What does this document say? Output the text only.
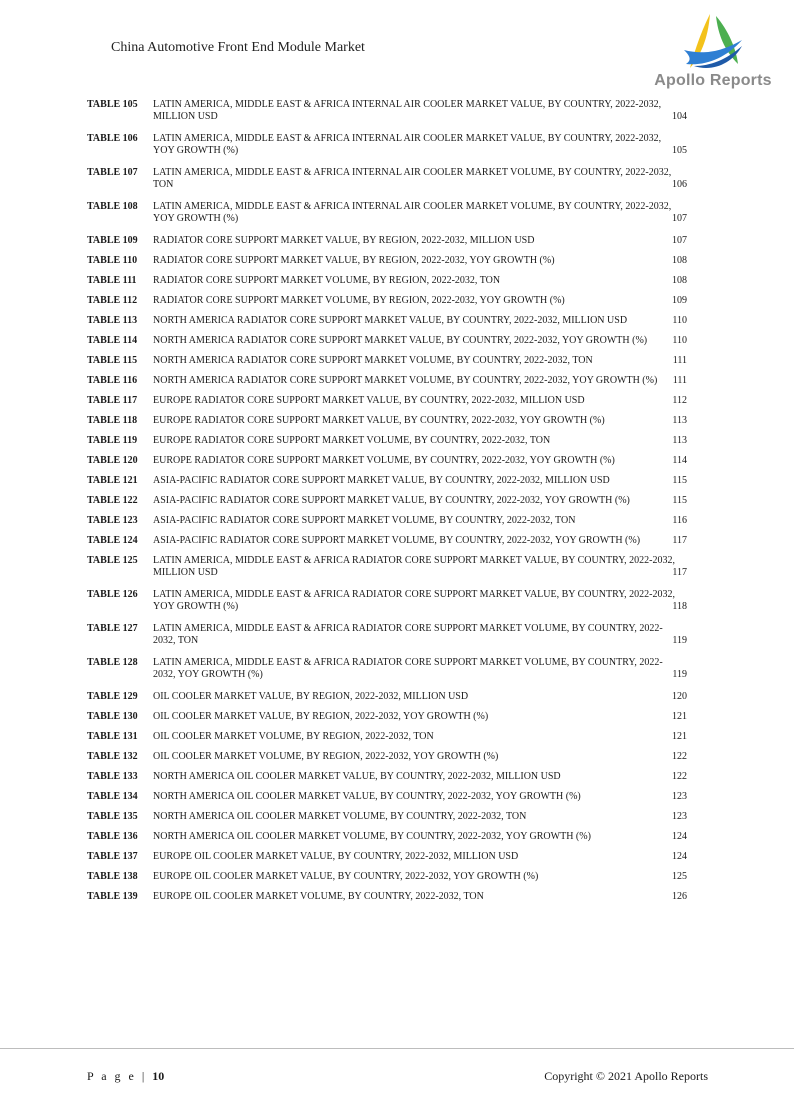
China Automotive Front End Module Market
Apollo Reports
TABLE 105 LATIN AMERICA, MIDDLE EAST & AFRICA INTERNAL AIR COOLER MARKET VALUE, BY COUNTRY, 2022-2032, MILLION USD	104
TABLE 106 LATIN AMERICA, MIDDLE EAST & AFRICA INTERNAL AIR COOLER MARKET VALUE, BY COUNTRY, 2022-2032, YOY GROWTH (%)	105
TABLE 107 LATIN AMERICA, MIDDLE EAST & AFRICA INTERNAL AIR COOLER MARKET VOLUME, BY COUNTRY, 2022-2032, TON	106
TABLE 108 LATIN AMERICA, MIDDLE EAST & AFRICA INTERNAL AIR COOLER MARKET VOLUME, BY COUNTRY, 2022-2032, YOY GROWTH (%)	107
TABLE 109 RADIATOR CORE SUPPORT MARKET VALUE, BY REGION, 2022-2032, MILLION USD	107
TABLE 110 RADIATOR CORE SUPPORT MARKET VALUE, BY REGION, 2022-2032, YOY GROWTH (%)	108
TABLE 111 RADIATOR CORE SUPPORT MARKET VOLUME, BY REGION, 2022-2032, TON	108
TABLE 112 RADIATOR CORE SUPPORT MARKET VOLUME, BY REGION, 2022-2032, YOY GROWTH (%)	109
TABLE 113 NORTH AMERICA RADIATOR CORE SUPPORT MARKET VALUE, BY COUNTRY, 2022-2032, MILLION USD	110
TABLE 114 NORTH AMERICA RADIATOR CORE SUPPORT MARKET VALUE, BY COUNTRY, 2022-2032, YOY GROWTH (%)	110
TABLE 115 NORTH AMERICA RADIATOR CORE SUPPORT MARKET VOLUME, BY COUNTRY, 2022-2032, TON	111
TABLE 116 NORTH AMERICA RADIATOR CORE SUPPORT MARKET VOLUME, BY COUNTRY, 2022-2032, YOY GROWTH (%)	111
TABLE 117 EUROPE RADIATOR CORE SUPPORT MARKET VALUE, BY COUNTRY, 2022-2032, MILLION USD	112
TABLE 118 EUROPE RADIATOR CORE SUPPORT MARKET VALUE, BY COUNTRY, 2022-2032, YOY GROWTH (%)	113
TABLE 119 EUROPE RADIATOR CORE SUPPORT MARKET VOLUME, BY COUNTRY, 2022-2032, TON	113
TABLE 120 EUROPE RADIATOR CORE SUPPORT MARKET VOLUME, BY COUNTRY, 2022-2032, YOY GROWTH (%)	114
TABLE 121 ASIA-PACIFIC RADIATOR CORE SUPPORT MARKET VALUE, BY COUNTRY, 2022-2032, MILLION USD	115
TABLE 122 ASIA-PACIFIC RADIATOR CORE SUPPORT MARKET VALUE, BY COUNTRY, 2022-2032, YOY GROWTH (%)	115
TABLE 123 ASIA-PACIFIC RADIATOR CORE SUPPORT MARKET VOLUME, BY COUNTRY, 2022-2032, TON	116
TABLE 124 ASIA-PACIFIC RADIATOR CORE SUPPORT MARKET VOLUME, BY COUNTRY, 2022-2032, YOY GROWTH (%)	117
TABLE 125 LATIN AMERICA, MIDDLE EAST & AFRICA RADIATOR CORE SUPPORT MARKET VALUE, BY COUNTRY, 2022-2032, MILLION USD	117
TABLE 126 LATIN AMERICA, MIDDLE EAST & AFRICA RADIATOR CORE SUPPORT MARKET VALUE, BY COUNTRY, 2022-2032, YOY GROWTH (%)	118
TABLE 127 LATIN AMERICA, MIDDLE EAST & AFRICA RADIATOR CORE SUPPORT MARKET VOLUME, BY COUNTRY, 2022-2032, TON	119
TABLE 128 LATIN AMERICA, MIDDLE EAST & AFRICA RADIATOR CORE SUPPORT MARKET VOLUME, BY COUNTRY, 2022-2032, YOY GROWTH (%)	119
TABLE 129 OIL COOLER MARKET VALUE, BY REGION, 2022-2032, MILLION USD	120
TABLE 130 OIL COOLER MARKET VALUE, BY REGION, 2022-2032, YOY GROWTH (%)	121
TABLE 131 OIL COOLER MARKET VOLUME, BY REGION, 2022-2032, TON	121
TABLE 132 OIL COOLER MARKET VOLUME, BY REGION, 2022-2032, YOY GROWTH (%)	122
TABLE 133 NORTH AMERICA OIL COOLER MARKET VALUE, BY COUNTRY, 2022-2032, MILLION USD	122
TABLE 134 NORTH AMERICA OIL COOLER MARKET VALUE, BY COUNTRY, 2022-2032, YOY GROWTH (%)	123
TABLE 135 NORTH AMERICA OIL COOLER MARKET VOLUME, BY COUNTRY, 2022-2032, TON	123
TABLE 136 NORTH AMERICA OIL COOLER MARKET VOLUME, BY COUNTRY, 2022-2032, YOY GROWTH (%)	124
TABLE 137 EUROPE OIL COOLER MARKET VALUE, BY COUNTRY, 2022-2032, MILLION USD	124
TABLE 138 EUROPE OIL COOLER MARKET VALUE, BY COUNTRY, 2022-2032, YOY GROWTH (%)	125
TABLE 139 EUROPE OIL COOLER MARKET VOLUME, BY COUNTRY, 2022-2032, TON	126
P a g e | 10	Copyright © 2021 Apollo Reports
